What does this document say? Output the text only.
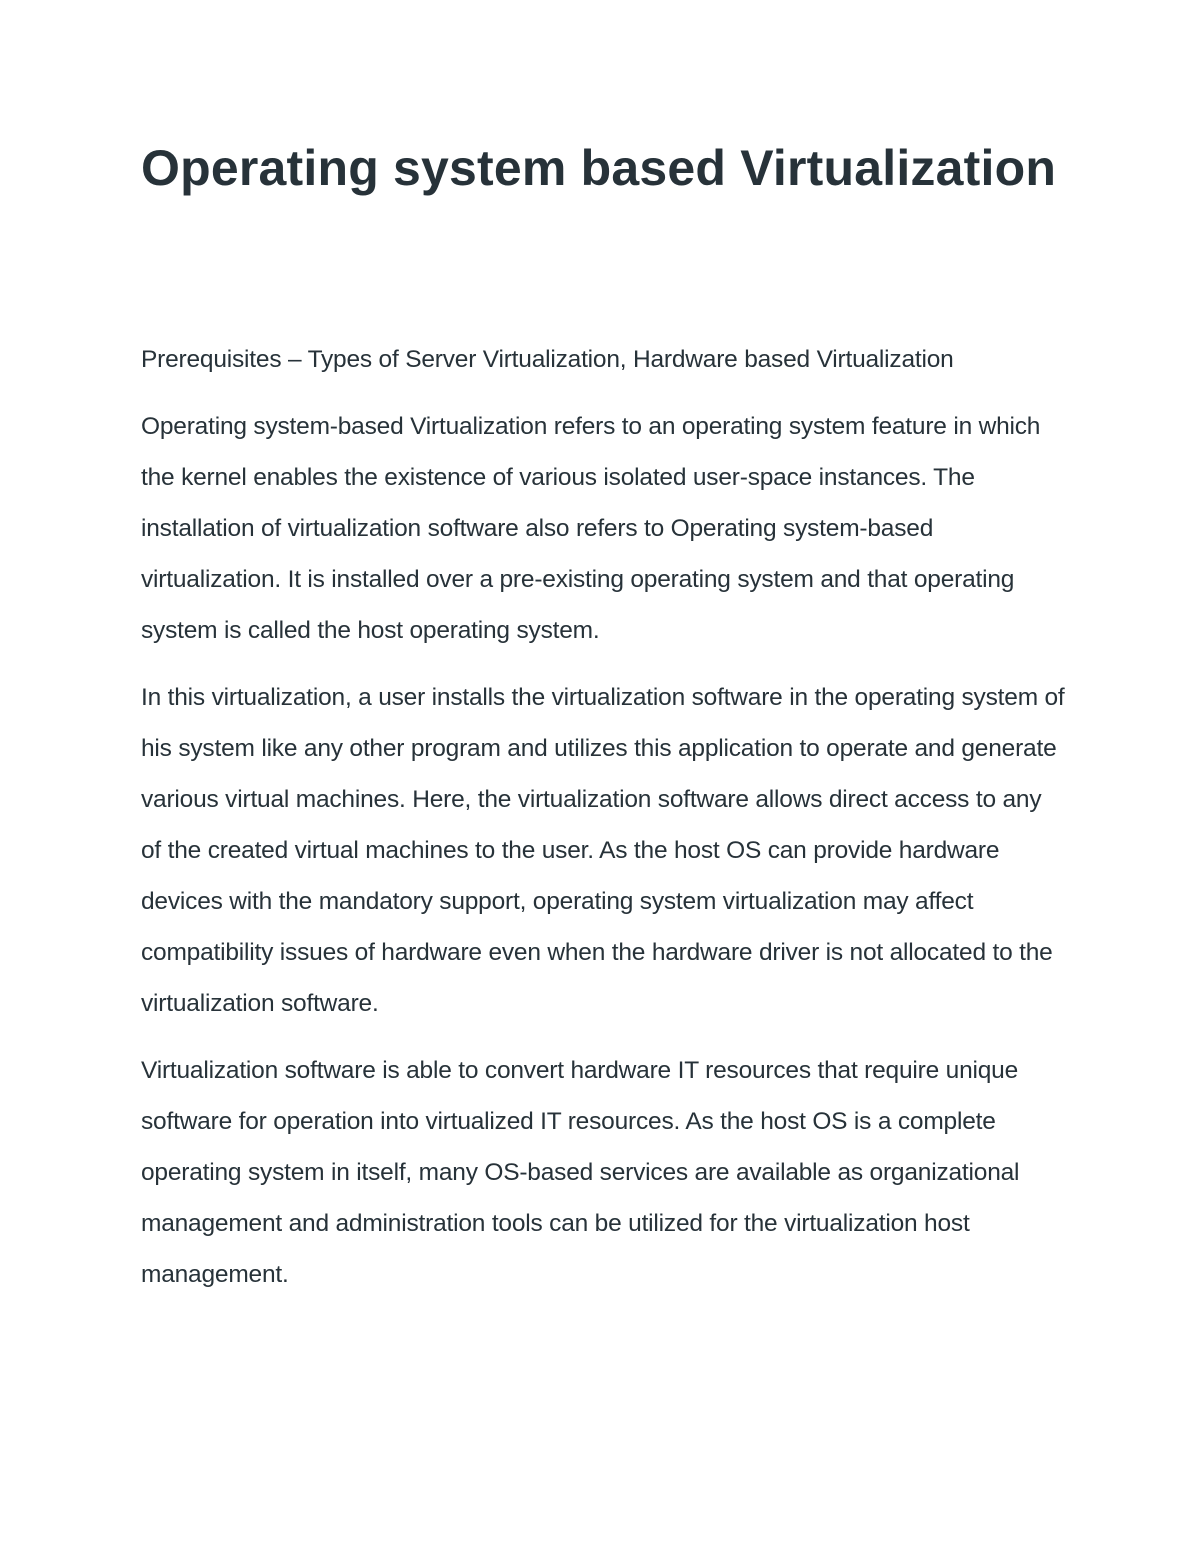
Operating system based Virtualization

Prerequisites – Types of Server Virtualization, Hardware based Virtualization

Operating system-based Virtualization refers to an operating system feature in which the kernel enables the existence of various isolated user-space instances. The installation of virtualization software also refers to Operating system-based virtualization. It is installed over a pre-existing operating system and that operating system is called the host operating system.

In this virtualization, a user installs the virtualization software in the operating system of his system like any other program and utilizes this application to operate and generate various virtual machines. Here, the virtualization software allows direct access to any of the created virtual machines to the user. As the host OS can provide hardware devices with the mandatory support, operating system virtualization may affect compatibility issues of hardware even when the hardware driver is not allocated to the virtualization software.

Virtualization software is able to convert hardware IT resources that require unique software for operation into virtualized IT resources. As the host OS is a complete operating system in itself, many OS-based services are available as organizational management and administration tools can be utilized for the virtualization host management.
